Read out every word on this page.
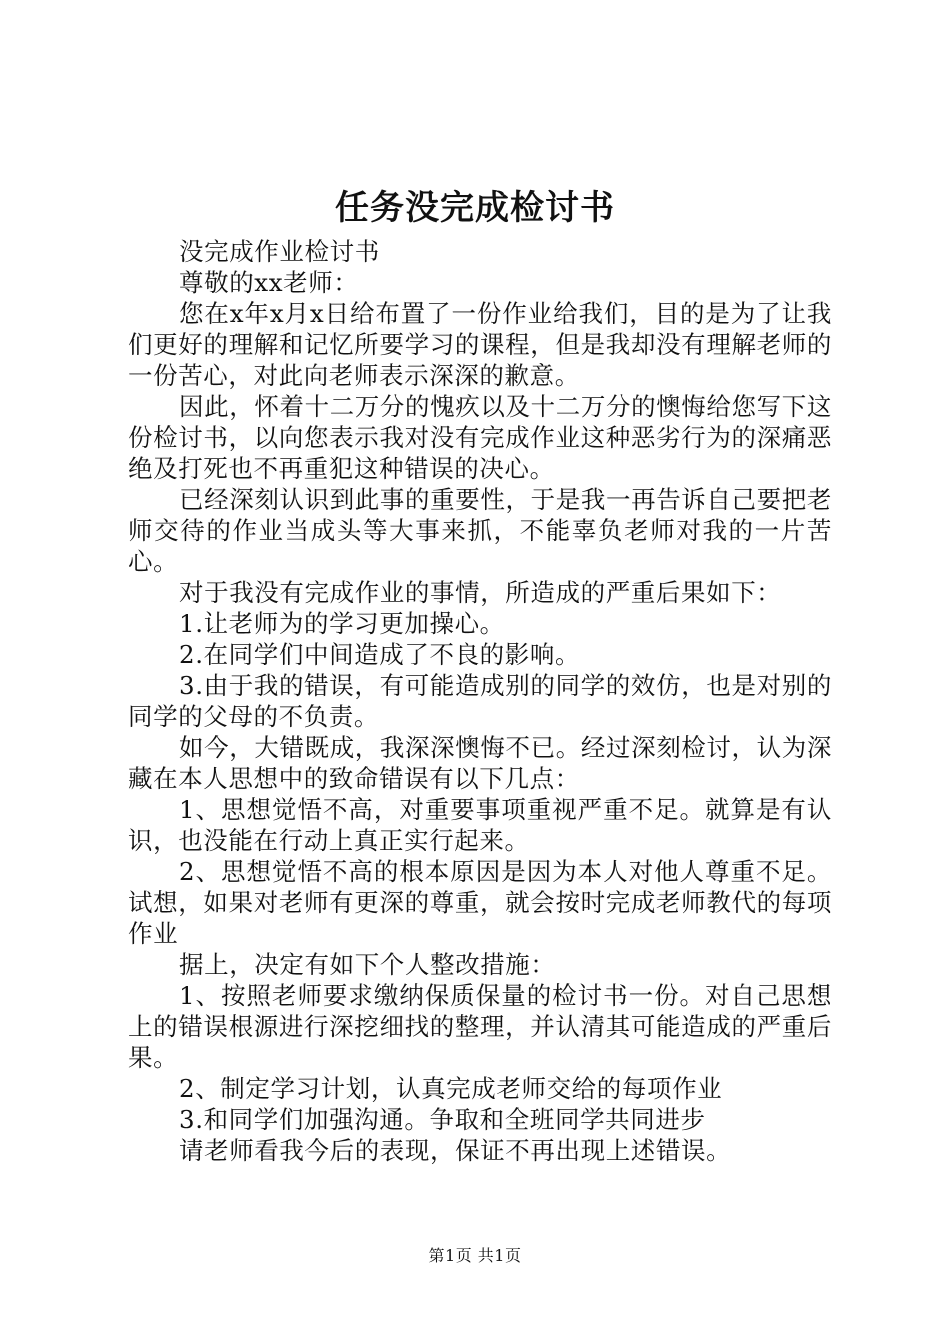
任务没完成检讨书

没完成作业检讨书

尊敬的xx老师：

您在x年x月x日给布置了一份作业给我们，目的是为了让我们更好的理解和记忆所要学习的课程，但是我却没有理解老师的一份苦心，对此向老师表示深深的歉意。

因此，怀着十二万分的愧疚以及十二万分的懊悔给您写下这份检讨书，以向您表示我对没有完成作业这种恶劣行为的深痛恶绝及打死也不再重犯这种错误的决心。

已经深刻认识到此事的重要性，于是我一再告诉自己要把老师交待的作业当成头等大事来抓，不能辜负老师对我的一片苦心。

对于我没有完成作业的事情，所造成的严重后果如下：

1.让老师为的学习更加操心。

2.在同学们中间造成了不良的影响。

3.由于我的错误，有可能造成别的同学的效仿，也是对别的同学的父母的不负责。

如今，大错既成，我深深懊悔不已。经过深刻检讨，认为深藏在本人思想中的致命错误有以下几点：

1、思想觉悟不高，对重要事项重视严重不足。就算是有认识，也没能在行动上真正实行起来。

2、思想觉悟不高的根本原因是因为本人对他人尊重不足。试想，如果对老师有更深的尊重，就会按时完成老师教代的每项作业

据上，决定有如下个人整改措施：

1、按照老师要求缴纳保质保量的检讨书一份。对自己思想上的错误根源进行深挖细找的整理，并认清其可能造成的严重后果。

2、制定学习计划，认真完成老师交给的每项作业

3.和同学们加强沟通。争取和全班同学共同进步

请老师看我今后的表现，保证不再出现上述错误。

第1页 共1页
